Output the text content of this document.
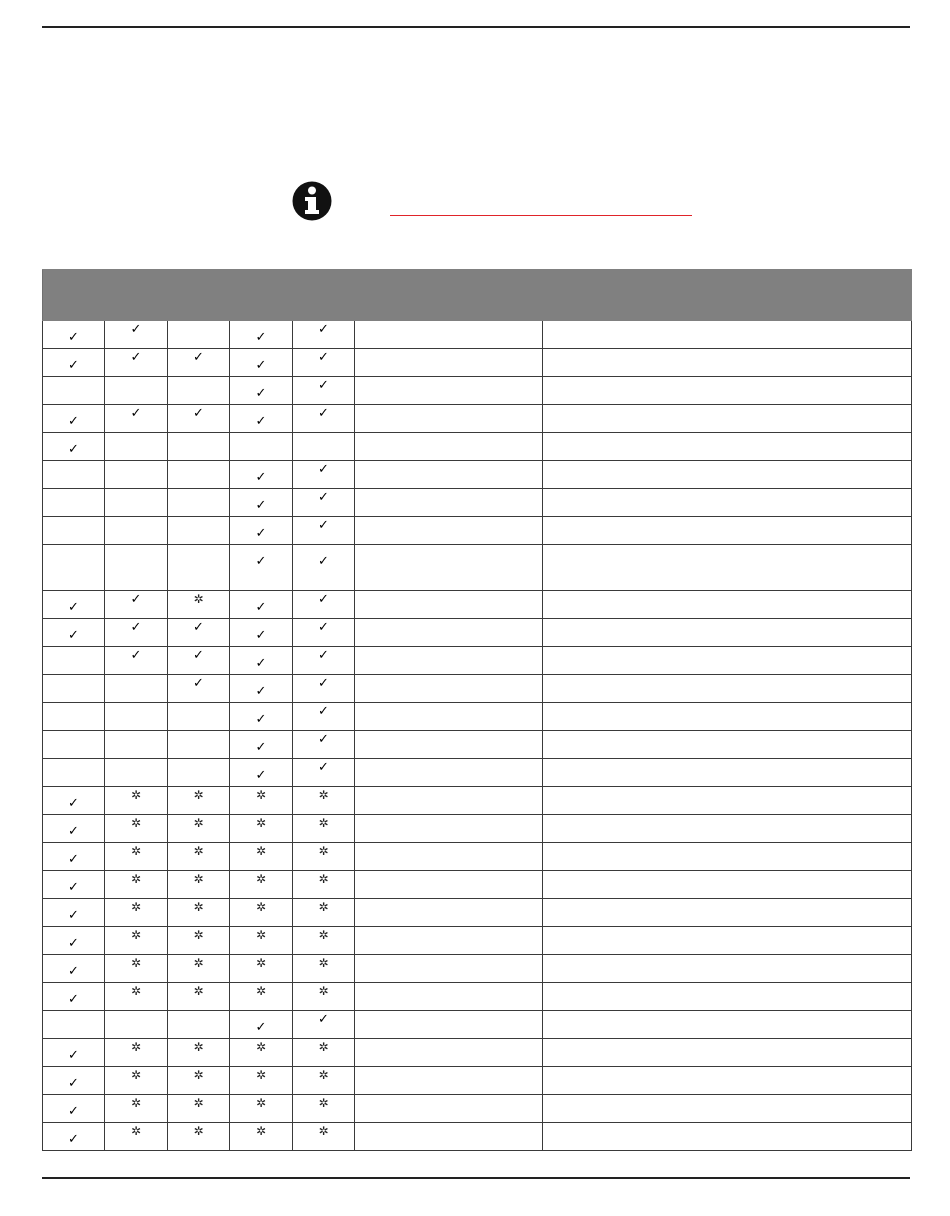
✓	✓		✓	✓		
✓	✓	✓	✓	✓		
			✓	✓		
✓	✓	✓	✓	✓		
✓						
			✓	✓		
			✓	✓		
			✓	✓		
			✓	✓		
✓	✓	✲	✓	✓		
✓	✓	✓	✓	✓		
	✓	✓	✓	✓		
		✓	✓	✓		
			✓	✓		
			✓	✓		
			✓	✓		
✓	✲	✲	✲	✲		
✓	✲	✲	✲	✲		
✓	✲	✲	✲	✲		
✓	✲	✲	✲	✲		
✓	✲	✲	✲	✲		
✓	✲	✲	✲	✲		
✓	✲	✲	✲	✲		
✓	✲	✲	✲	✲		
			✓	✓		
✓	✲	✲	✲	✲		
✓	✲	✲	✲	✲		
✓	✲	✲	✲	✲		
✓	✲	✲	✲	✲		
